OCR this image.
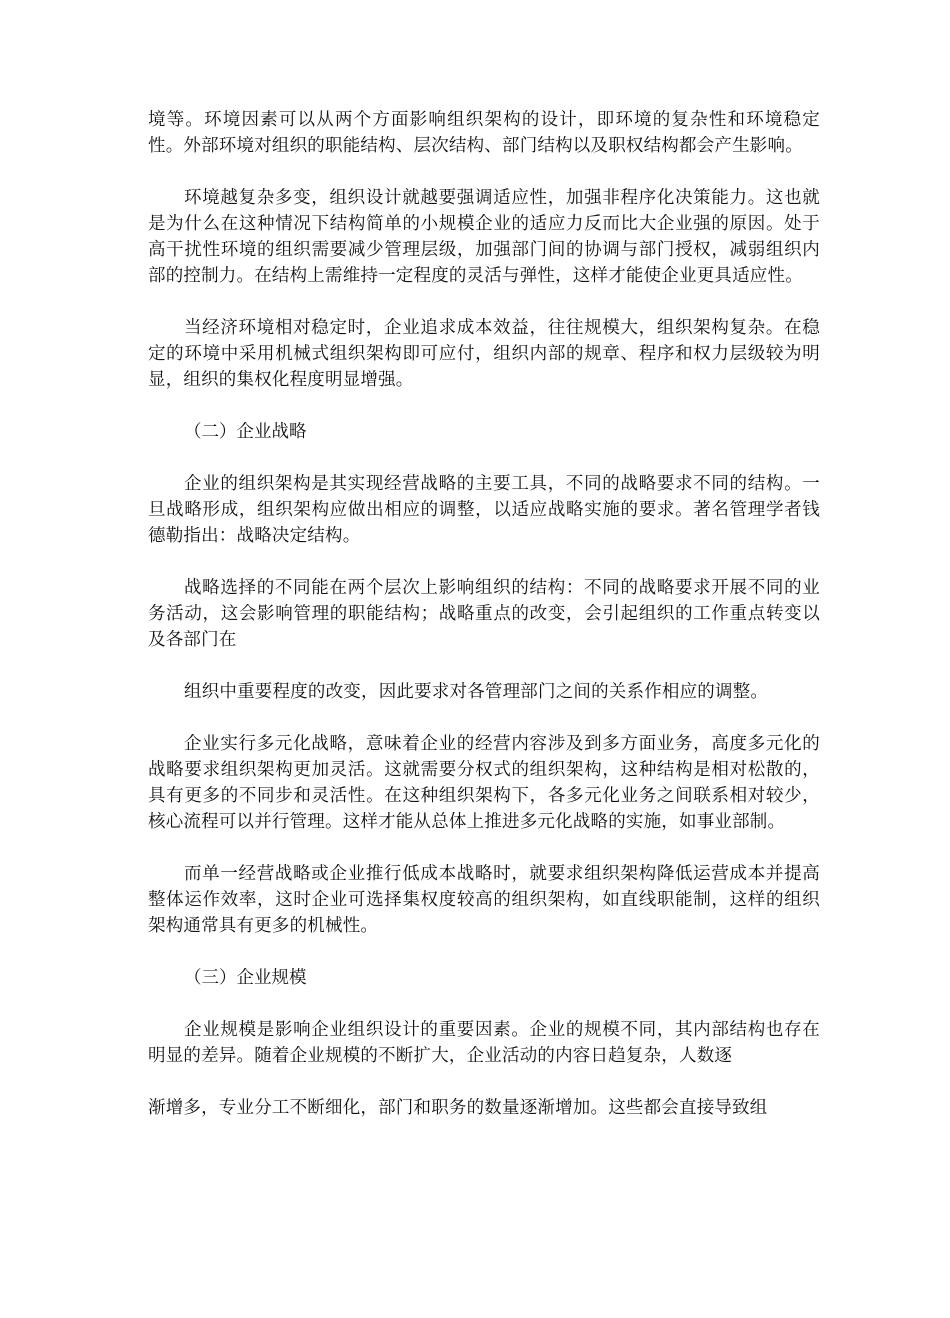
境等。环境因素可以从两个方面影响组织架构的设计，即环境的复杂性和环境稳定性。外部环境对组织的职能结构、层次结构、部门结构以及职权结构都会产生影响。

环境越复杂多变，组织设计就越要强调适应性，加强非程序化决策能力。这也就是为什么在这种情况下结构简单的小规模企业的适应力反而比大企业强的原因。处于高干扰性环境的组织需要减少管理层级，加强部门间的协调与部门授权，减弱组织内部的控制力。在结构上需维持一定程度的灵活与弹性，这样才能使企业更具适应性。

当经济环境相对稳定时，企业追求成本效益，往往规模大，组织架构复杂。在稳定的环境中采用机械式组织架构即可应付，组织内部的规章、程序和权力层级较为明显，组织的集权化程度明显增强。

（二）企业战略

企业的组织架构是其实现经营战略的主要工具，不同的战略要求不同的结构。一旦战略形成，组织架构应做出相应的调整，以适应战略实施的要求。著名管理学者钱德勒指出：战略决定结构。

战略选择的不同能在两个层次上影响组织的结构：不同的战略要求开展不同的业务活动，这会影响管理的职能结构；战略重点的改变，会引起组织的工作重点转变以及各部门在

组织中重要程度的改变，因此要求对各管理部门之间的关系作相应的调整。

企业实行多元化战略，意味着企业的经营内容涉及到多方面业务，高度多元化的战略要求组织架构更加灵活。这就需要分权式的组织架构，这种结构是相对松散的，具有更多的不同步和灵活性。在这种组织架构下，各多元化业务之间联系相对较少，核心流程可以并行管理。这样才能从总体上推进多元化战略的实施，如事业部制。

而单一经营战略或企业推行低成本战略时，就要求组织架构降低运营成本并提高整体运作效率，这时企业可选择集权度较高的组织架构，如直线职能制，这样的组织架构通常具有更多的机械性。

（三）企业规模

企业规模是影响企业组织设计的重要因素。企业的规模不同，其内部结构也存在明显的差异。随着企业规模的不断扩大，企业活动的内容日趋复杂，人数逐

渐增多，专业分工不断细化，部门和职务的数量逐渐增加。这些都会直接导致组
